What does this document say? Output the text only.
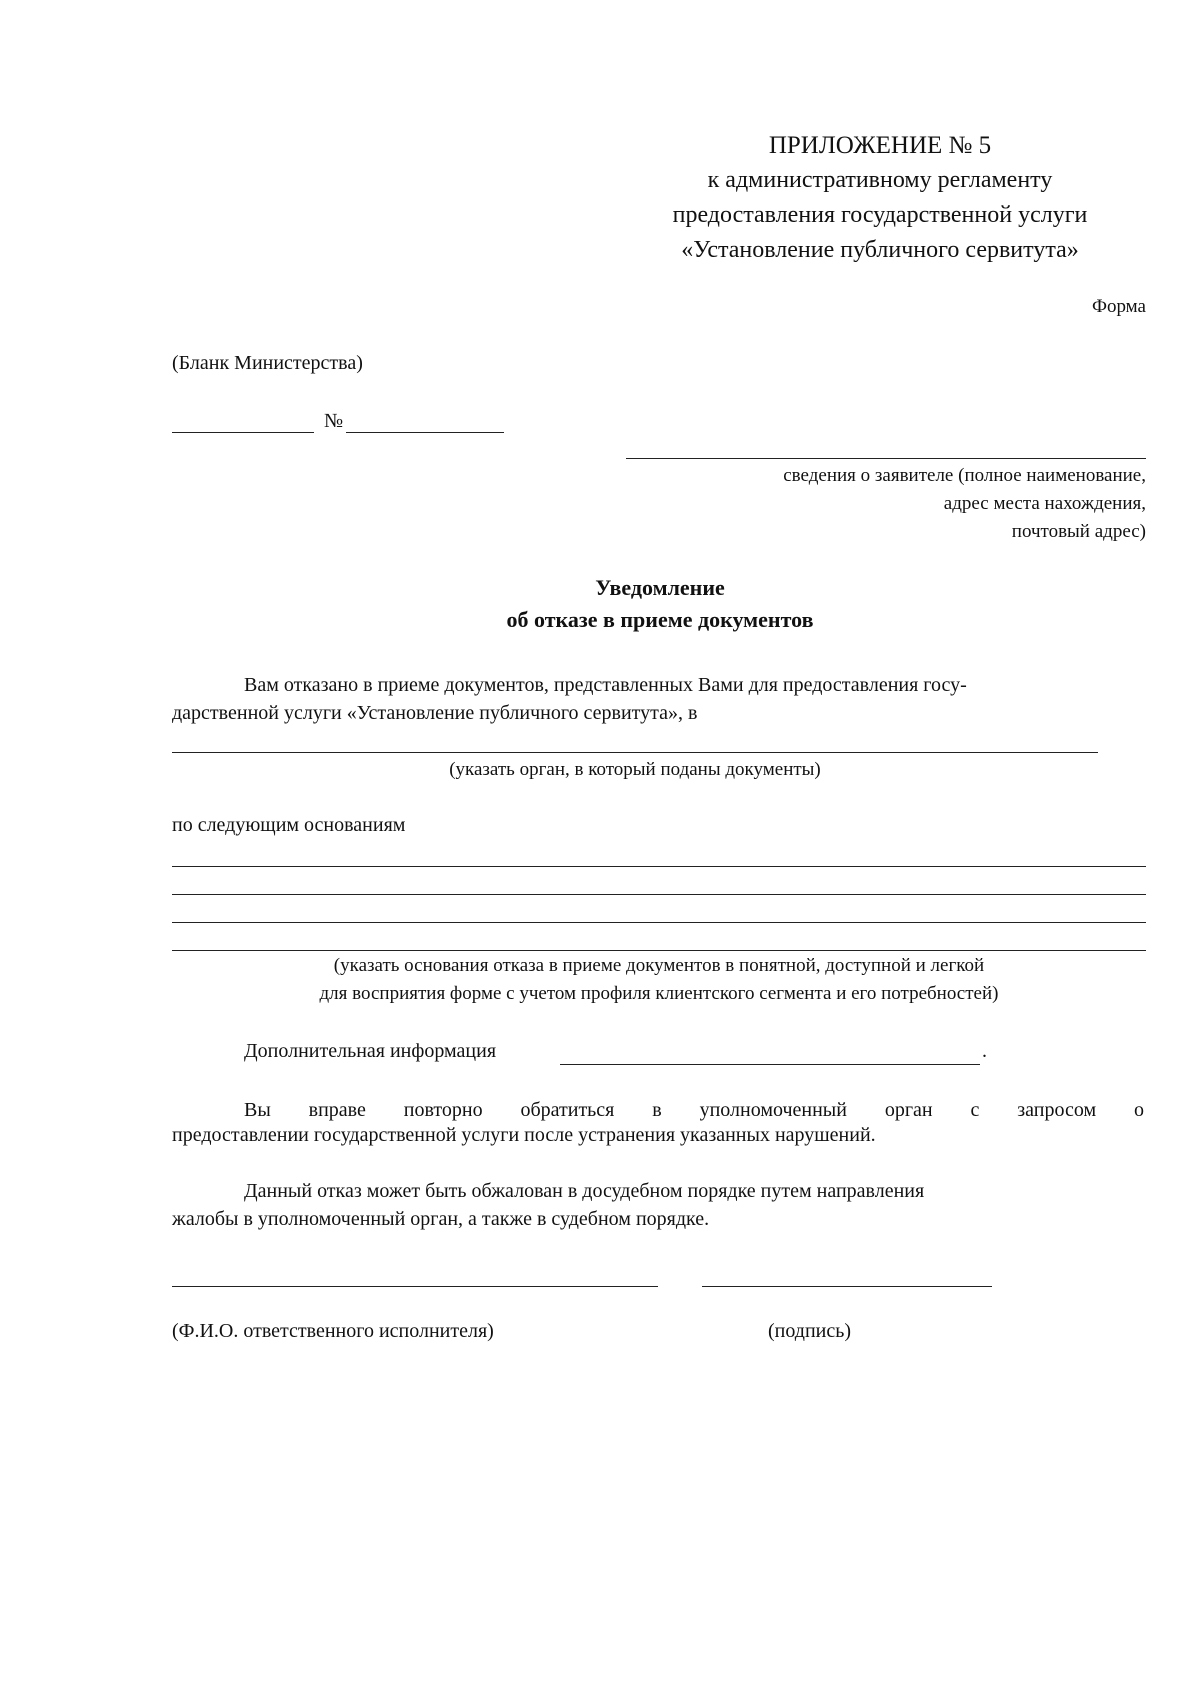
ПРИЛОЖЕНИЕ № 5
к административному регламенту
предоставления государственной услуги
«Установление публичного сервитута»
Форма
(Бланк Министерства)
№
сведения о заявителе (полное наименование,
адрес места нахождения,
почтовый адрес)
Уведомление
об отказе в приеме документов
Вам отказано в приеме документов, представленных Вами для предоставления госу-
дарственной услуги «Установление публичного сервитута», в
(указать орган, в который поданы документы)
по следующим основаниям
(указать основания отказа в приеме документов в понятной, доступной и легкой
для восприятия форме с учетом профиля клиентского сегмента и его потребностей)
Дополнительная информация	.
Вы вправе повторно обратиться в уполномоченный орган с запросом о
предоставлении государственной услуги после устранения указанных нарушений.
Данный отказ может быть обжалован в досудебном порядке путем направления
жалобы в уполномоченный орган, а также в судебном порядке.
(Ф.И.О. ответственного исполнителя)	(подпись)
